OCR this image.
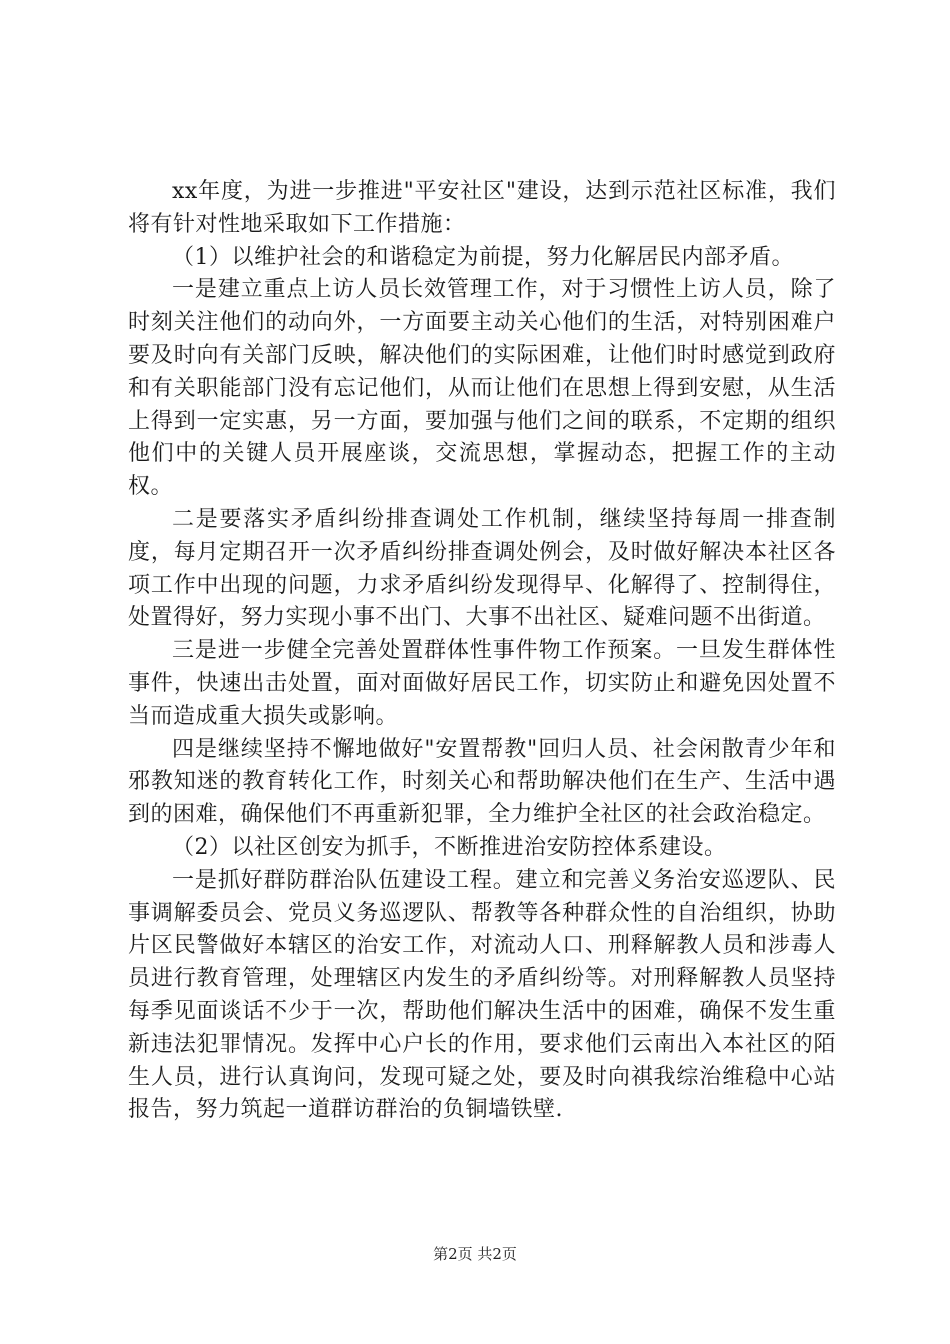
xx年度，为进一步推进"平安社区"建设，达到示范社区标准，我们将有针对性地采取如下工作措施：

（1）以维护社会的和谐稳定为前提，努力化解居民内部矛盾。

一是建立重点上访人员长效管理工作，对于习惯性上访人员，除了时刻关注他们的动向外，一方面要主动关心他们的生活，对特别困难户要及时向有关部门反映，解决他们的实际困难，让他们时时感觉到政府和有关职能部门没有忘记他们，从而让他们在思想上得到安慰，从生活上得到一定实惠，另一方面，要加强与他们之间的联系，不定期的组织他们中的关键人员开展座谈，交流思想，掌握动态，把握工作的主动权。

二是要落实矛盾纠纷排查调处工作机制，继续坚持每周一排查制度，每月定期召开一次矛盾纠纷排查调处例会，及时做好解决本社区各项工作中出现的问题，力求矛盾纠纷发现得早、化解得了、控制得住，处置得好，努力实现小事不出门、大事不出社区、疑难问题不出街道。

三是进一步健全完善处置群体性事件物工作预案。一旦发生群体性事件，快速出击处置，面对面做好居民工作，切实防止和避免因处置不当而造成重大损失或影响。

四是继续坚持不懈地做好"安置帮教"回归人员、社会闲散青少年和邪教知迷的教育转化工作，时刻关心和帮助解决他们在生产、生活中遇到的困难，确保他们不再重新犯罪，全力维护全社区的社会政治稳定。

（2）以社区创安为抓手，不断推进治安防控体系建设。

一是抓好群防群治队伍建设工程。建立和完善义务治安巡逻队、民事调解委员会、党员义务巡逻队、帮教等各种群众性的自治组织，协助片区民警做好本辖区的治安工作，对流动人口、刑释解教人员和涉毒人员进行教育管理，处理辖区内发生的矛盾纠纷等。对刑释解教人员坚持每季见面谈话不少于一次，帮助他们解决生活中的困难，确保不发生重新违法犯罪情况。发挥中心户长的作用，要求他们云南出入本社区的陌生人员，进行认真询问，发现可疑之处，要及时向祺我综治维稳中心站报告，努力筑起一道群访群治的负铜墙铁壁.

第2页 共2页
